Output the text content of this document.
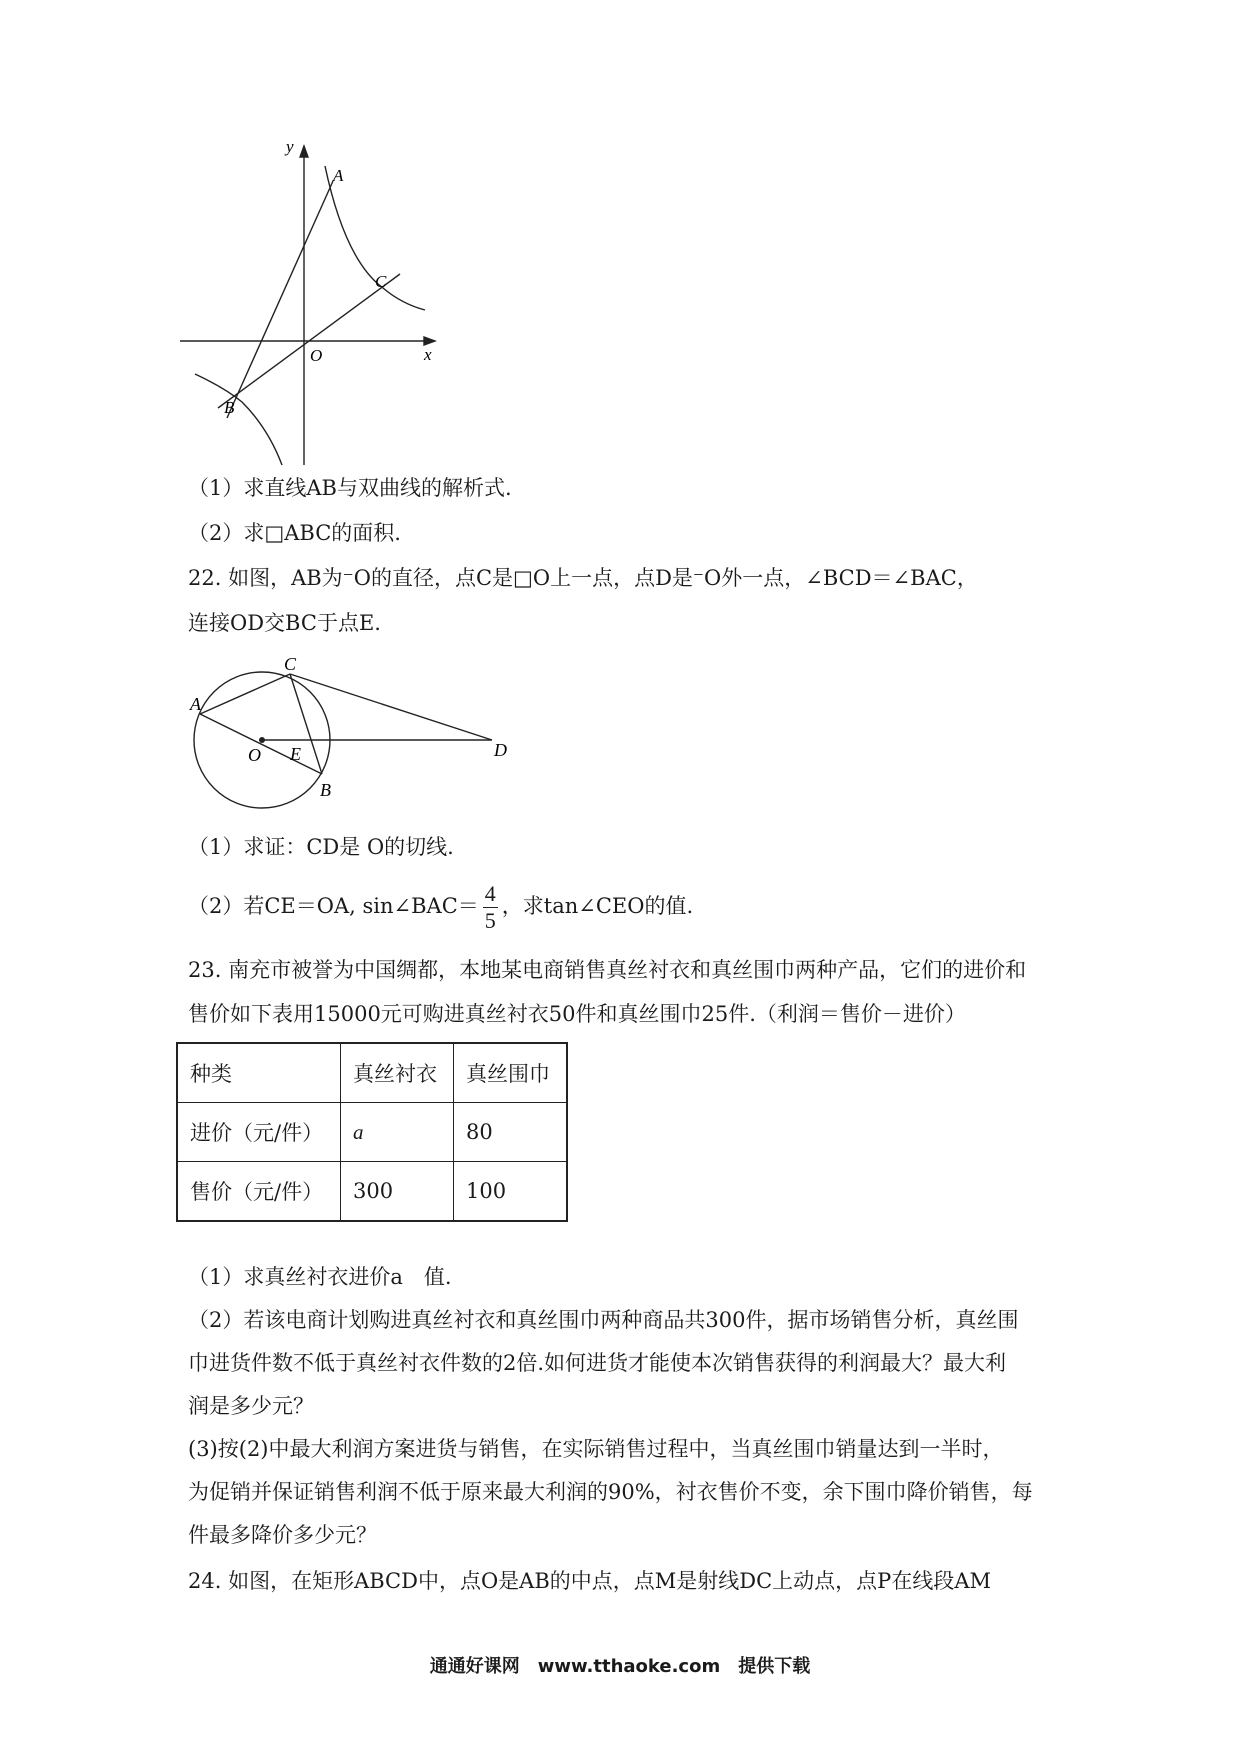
y
x
O
A
B
C
（1）求直线AB与双曲线的解析式.
（2）求□ABC的面积.
22. 如图，AB为⁻O的直径，点C是□O上一点，点D是⁻O外一点，∠BCD＝∠BAC，
连接OD交BC于点E.
A
C
O E
B
D
（1）求证：CD是 O的切线.
（2）若CE＝OA, sin∠BAC＝ $\frac{4}{5}$ ，求tan∠CEO的值.
23. 南充市被誉为中国绸都，本地某电商销售真丝衬衣和真丝围巾两种产品，它们的进价和
售价如下表用15000元可购进真丝衬衣50件和真丝围巾25件.（利润＝售价－进价）
种类	真丝衬衣	真丝围巾
进价（元/件）	a	80
售价（元/件）	300	100
（1）求真丝衬衣进价a　值.
（2）若该电商计划购进真丝衬衣和真丝围巾两种商品共300件，据市场销售分析，真丝围
巾进货件数不低于真丝衬衣件数的2倍.如何进货才能使本次销售获得的利润最大？最大利
润是多少元？
(3)按(2)中最大利润方案进货与销售，在实际销售过程中，当真丝围巾销量达到一半时，
为促销并保证销售利润不低于原来最大利润的90%，衬衣售价不变，余下围巾降价销售，每
件最多降价多少元？
24. 如图，在矩形ABCD中，点O是AB的中点，点M是射线DC上动点，点P在线段AM
通通好课网　www.tthaoke.com　提供下载
